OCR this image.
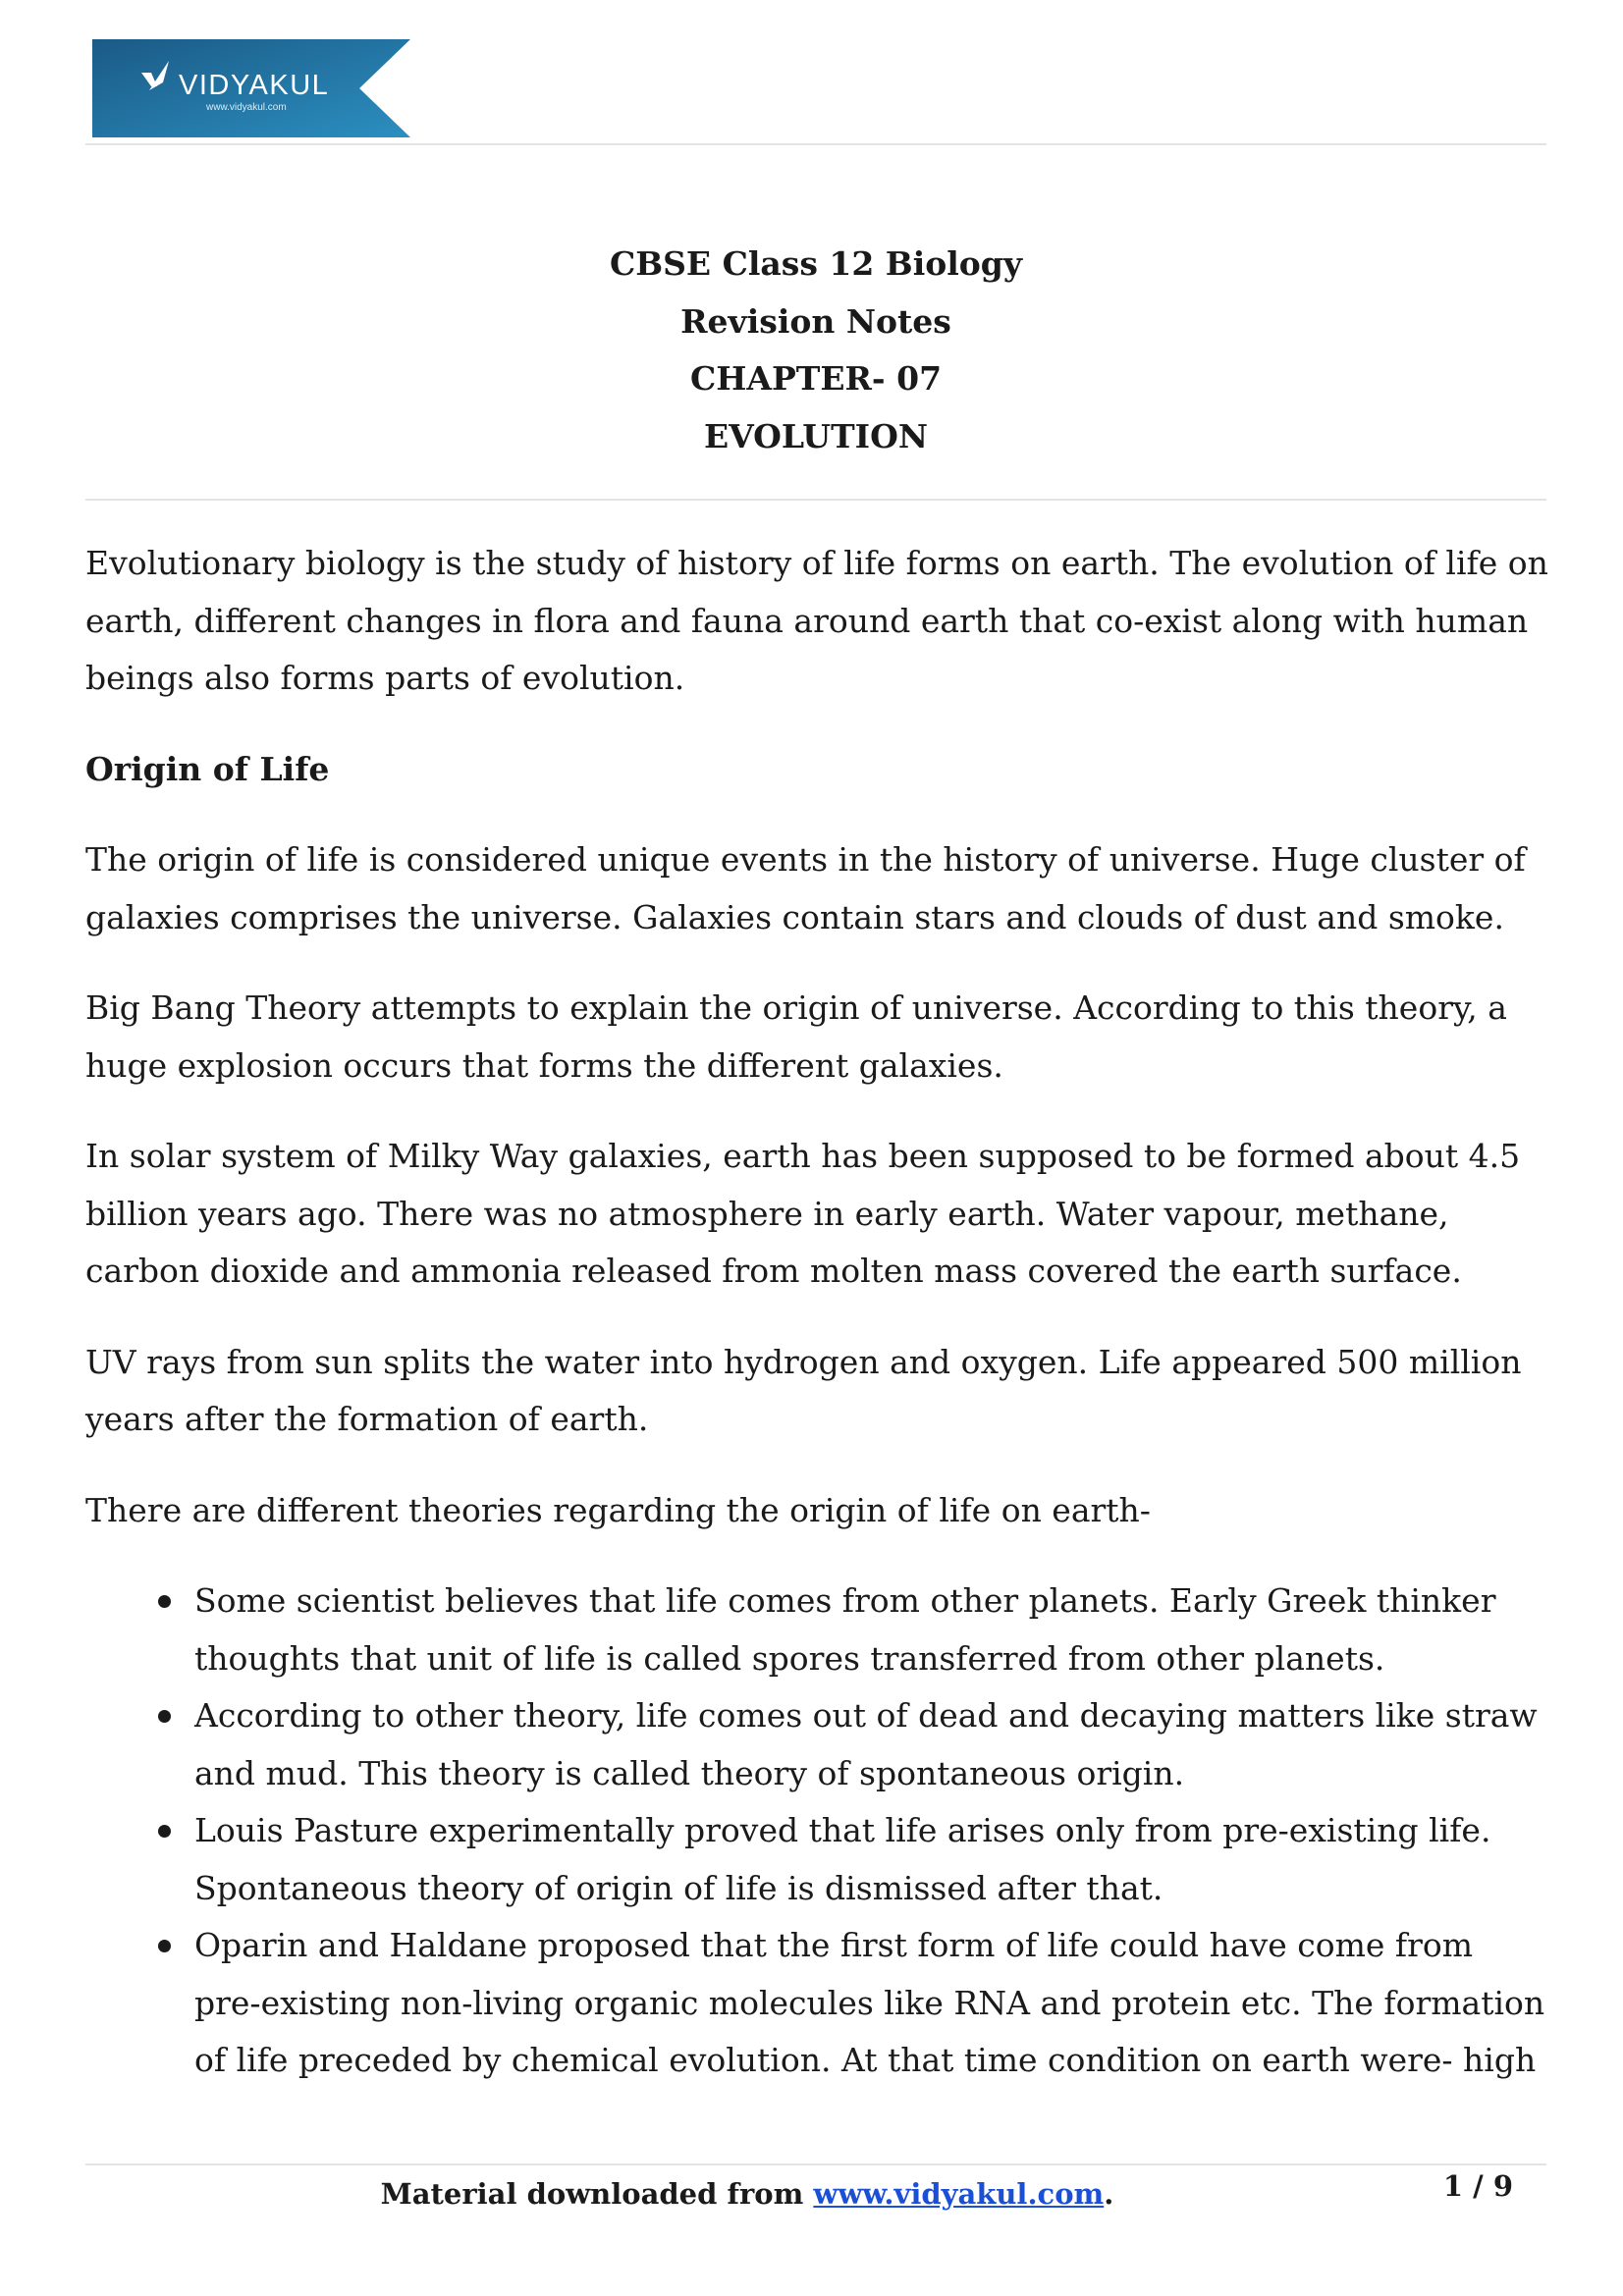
VIDYAKUL
www.vidyakul.com
CBSE Class 12 Biology
Revision Notes
CHAPTER- 07
EVOLUTION

Evolutionary biology is the study of history of life forms on earth. The evolution of life on earth, different changes in flora and fauna around earth that co-exist along with human beings also forms parts of evolution.

Origin of Life

The origin of life is considered unique events in the history of universe. Huge cluster of galaxies comprises the universe. Galaxies contain stars and clouds of dust and smoke.

Big Bang Theory attempts to explain the origin of universe. According to this theory, a huge explosion occurs that forms the different galaxies.

In solar system of Milky Way galaxies, earth has been supposed to be formed about 4.5 billion years ago. There was no atmosphere in early earth. Water vapour, methane, carbon dioxide and ammonia released from molten mass covered the earth surface.

UV rays from sun splits the water into hydrogen and oxygen. Life appeared 500 million years after the formation of earth.

There are different theories regarding the origin of life on earth-

Some scientist believes that life comes from other planets. Early Greek thinker thoughts that unit of life is called spores transferred from other planets.
According to other theory, life comes out of dead and decaying matters like straw and mud. This theory is called theory of spontaneous origin.
Louis Pasture experimentally proved that life arises only from pre-existing life. Spontaneous theory of origin of life is dismissed after that.
Oparin and Haldane proposed that the first form of life could have come from pre-existing non-living organic molecules like RNA and protein etc. The formation of life preceded by chemical evolution. At that time condition on earth were- high
Material downloaded from www.vidyakul.com.	1 / 9
